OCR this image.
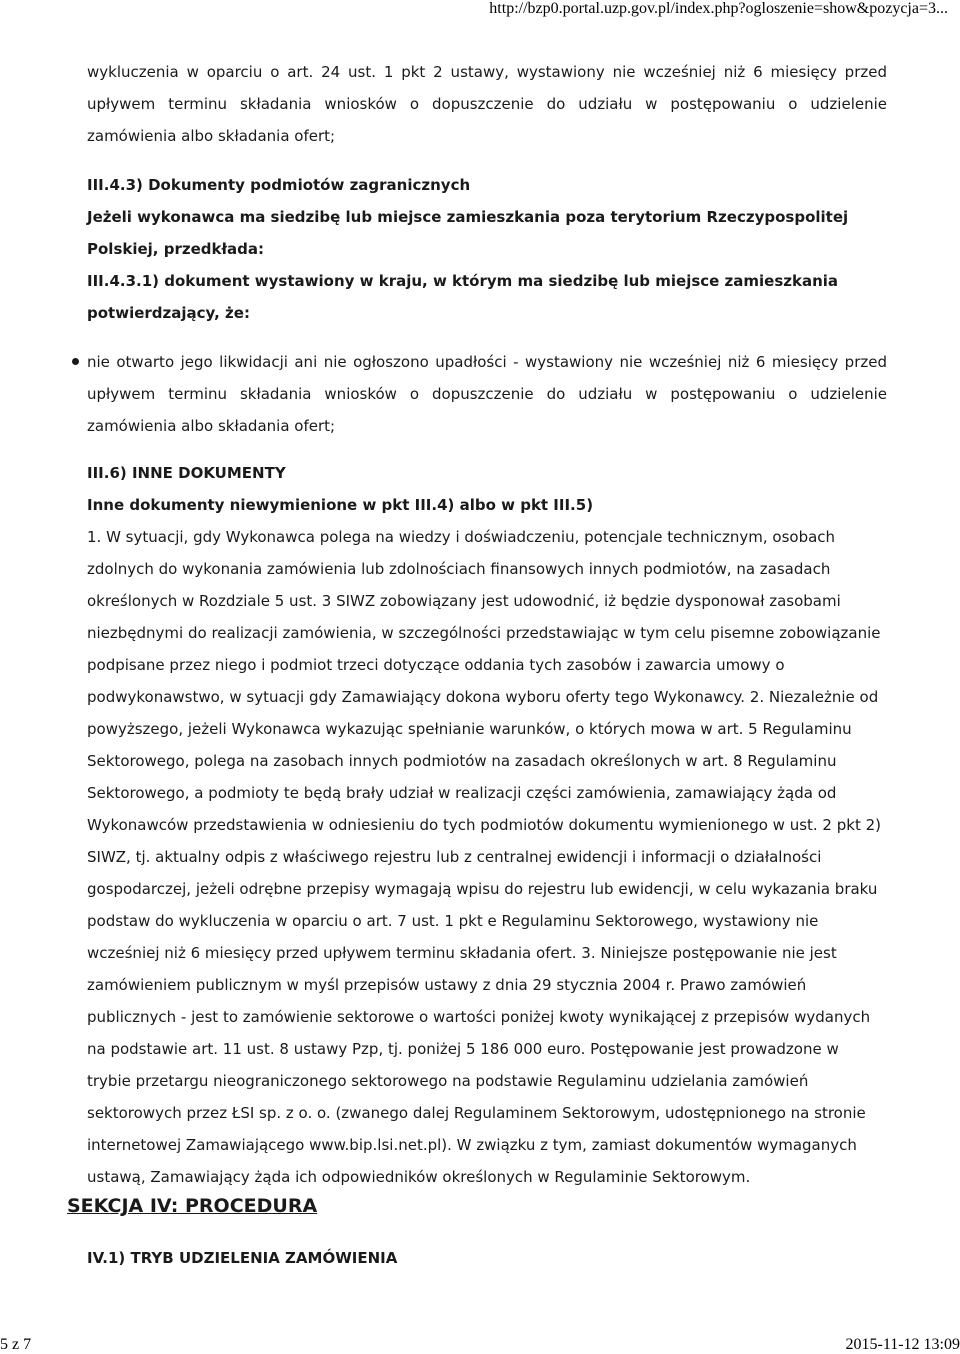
http://bzp0.portal.uzp.gov.pl/index.php?ogloszenie=show&pozycja=3...

wykluczenia w oparciu o art. 24 ust. 1 pkt 2 ustawy, wystawiony nie wcześniej niż 6 miesięcy przed upływem terminu składania wniosków o dopuszczenie do udziału w postępowaniu o udzielenie zamówienia albo składania ofert;

III.4.3) Dokumenty podmiotów zagranicznych

Jeżeli wykonawca ma siedzibę lub miejsce zamieszkania poza terytorium Rzeczypospolitej Polskiej, przedkłada:

III.4.3.1) dokument wystawiony w kraju, w którym ma siedzibę lub miejsce zamieszkania potwierdzający, że:

nie otwarto jego likwidacji ani nie ogłoszono upadłości - wystawiony nie wcześniej niż 6 miesięcy przed upływem terminu składania wniosków o dopuszczenie do udziału w postępowaniu o udzielenie zamówienia albo składania ofert;

III.6) INNE DOKUMENTY

Inne dokumenty niewymienione w pkt III.4) albo w pkt III.5)

1. W sytuacji, gdy Wykonawca polega na wiedzy i doświadczeniu, potencjale technicznym, osobach zdolnych do wykonania zamówienia lub zdolnościach finansowych innych podmiotów, na zasadach określonych w Rozdziale 5 ust. 3 SIWZ zobowiązany jest udowodnić, iż będzie dysponował zasobami niezbędnymi do realizacji zamówienia, w szczególności przedstawiając w tym celu pisemne zobowiązanie podpisane przez niego i podmiot trzeci dotyczące oddania tych zasobów i zawarcia umowy o podwykonawstwo, w sytuacji gdy Zamawiający dokona wyboru oferty tego Wykonawcy. 2. Niezależnie od powyższego, jeżeli Wykonawca wykazując spełnianie warunków, o których mowa w art. 5 Regulaminu Sektorowego, polega na zasobach innych podmiotów na zasadach określonych w art. 8 Regulaminu Sektorowego, a podmioty te będą brały udział w realizacji części zamówienia, zamawiający żąda od Wykonawców przedstawienia w odniesieniu do tych podmiotów dokumentu wymienionego w ust. 2 pkt 2) SIWZ, tj. aktualny odpis z właściwego rejestru lub z centralnej ewidencji i informacji o działalności gospodarczej, jeżeli odrębne przepisy wymagają wpisu do rejestru lub ewidencji, w celu wykazania braku podstaw do wykluczenia w oparciu o art. 7 ust. 1 pkt e Regulaminu Sektorowego, wystawiony nie wcześniej niż 6 miesięcy przed upływem terminu składania ofert. 3. Niniejsze postępowanie nie jest zamówieniem publicznym w myśl przepisów ustawy z dnia 29 stycznia 2004 r. Prawo zamówień publicznych - jest to zamówienie sektorowe o wartości poniżej kwoty wynikającej z przepisów wydanych na podstawie art. 11 ust. 8 ustawy Pzp, tj. poniżej 5 186 000 euro. Postępowanie jest prowadzone w trybie przetargu nieograniczonego sektorowego na podstawie Regulaminu udzielania zamówień sektorowych przez ŁSI sp. z o. o. (zwanego dalej Regulaminem Sektorowym, udostępnionego na stronie internetowej Zamawiającego www.bip.lsi.net.pl). W związku z tym, zamiast dokumentów wymaganych ustawą, Zamawiający żąda ich odpowiedników określonych w Regulaminie Sektorowym.

SEKCJA IV: PROCEDURA
IV.1) TRYB UDZIELENIA ZAMÓWIENIA
5 z 7	2015-11-12 13:09
